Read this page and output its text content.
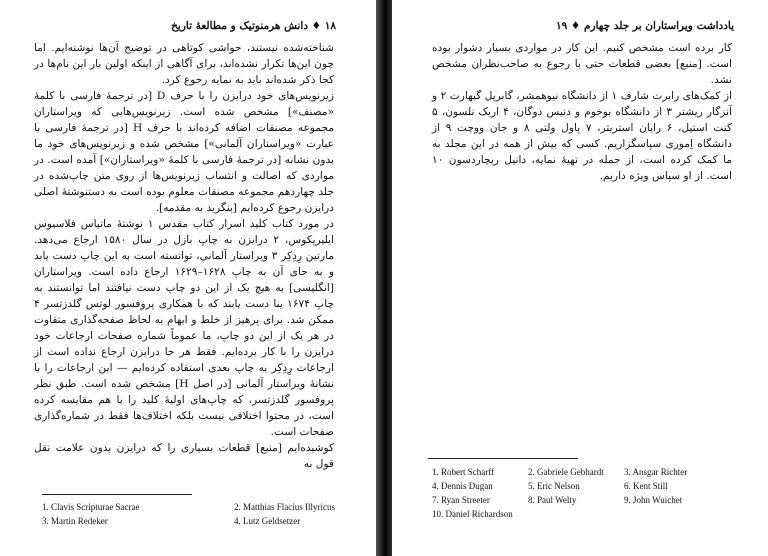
۱۸ ♦ دانش هرمنوتیک و مطالعهٔ تاریخ

شناخته‌شده نیستند، حواشی کوتاهی در توضیح آن‌ها نوشته‌ایم. اما چون این‌ها تکرار نشده‌اند، برای آگاهی از اینکه اولین بار این نام‌ها در کجا ذکر شده‌اند باید به نمایه رجوع کرد.

زیرنویس‌های خود درایزن را با حرف D [در ترجمهٔ فارسی با کلمهٔ «مصنف»] مشخص شده است. زیرنویس‌هایی که ویراستاران مجموعه مصنفات اضافه کرده‌اند با حرف H [در ترجمهٔ فارسی با عبارت «ویراستاران آلمانی»] مشخص شده و زیرنویس‌های خود ما بدون نشانه [در ترجمهٔ فارسی با کلمهٔ «ویراستاران»] آمده است. در مواردی که اصالت و انتساب زیرنویس‌ها از روی متن چاپ‌شده در جلد چهاردهم مجموعه مصنفات معلوم بوده است به دستنوشتهٔ اصلی درایزن رجوع کرده‌ایم [بنگرید به مقدمه].

در مورد کتاب کلید اسرار کتاب مقدس ۱ نوشتهٔ ماتیاس فلاسیوس ایلیریکوس، ۲ درایزن به چاپ بازل در سال ۱۵۸۰ ارجاع می‌دهد. مارتین رِدِکِر ۳ ویراستار آلمانی، توانسته است به این چاپ دست یابد و به جای آن به چاپ ۱۶۲۸–۱۶۲۹ ارجاع داده است. ویراستاران [انگلیسی] به هیچ یک از این دو چاپ دست نیافتند اما توانستند به چاپ ۱۶۷۴ ینا دست یابند که با همکاری پروفسور لوتس گلدزتسر ۴ ممکن شد. برای پرهیز از خلط و ابهام به لحاظ صفحه‌گذاری متفاوت در هر یک از این دو چاپ، ما عموماً شماره صفحات ارجاعات خود درایزن را با کار برده‌ایم. فقط هر جا درایزن ارجاع نداده است از ارجاعات رِدِکِر به چاپ بعدی استفاده کرده‌ایم — این ارجاعات را با نشانهٔ ویراستار آلمانی [در اصل H] مشخص شده است. طبق نظر پروفسور گلدزتسر، که چاپ‌های اولیهٔ کلید را با هم مقایسه کرده است، در محتوا اختلافی نیست بلکه اختلاف‌ها فقط در شماره‌گذاری صفحات است.

کوشیده‌ایم [منبع] قطعات بسیاری را که درایزن بدون علامت نقل قول به

1. Clavis Scripturae Sacrae	2. Matthias Flacius Illyricus
3. Martin Redeker	4. Lutz Geldsetzer
یادداشت ویراستاران بر جلد چهارم ♦ ۱۹

کار برده است مشخص کنیم. این کار در مواردی بسیار دشوار بوده است. [منبع] بعضی قطعات حتی با رجوع به صاحب‌نظران مشخص نشد.

از کمک‌های رابرت شارف ۱ از دانشگاه نیوهمشر، گابریل گبهارت ۲ و آنزگار ریشتر ۳ از دانشگاه بوخوم و دنیس دوگان، ۴ اریک نلسون، ۵ کنت استیل، ۶ رایان استریتر، ۷ پاول ولتی ۸ و جان ووچت ۹ از دانشگاه اِموری سپاسگزاریم. کسی که بیش از همه در این مجلد به ما کمک کرده است، از جمله در تهیهٔ نمایه، دانیل ریچاردسون ۱۰ است. از او سپاس ویژه داریم.

1. Robert Scharff	2. Gabriele Gebhardt 3. Ansgar Richter
4. Dennis Dugan	5. Eric Nelson	6. Kent Still
7. Ryan Streeter	8. Paul Welty	9. John Wuichet
10. Daniel Richardson
